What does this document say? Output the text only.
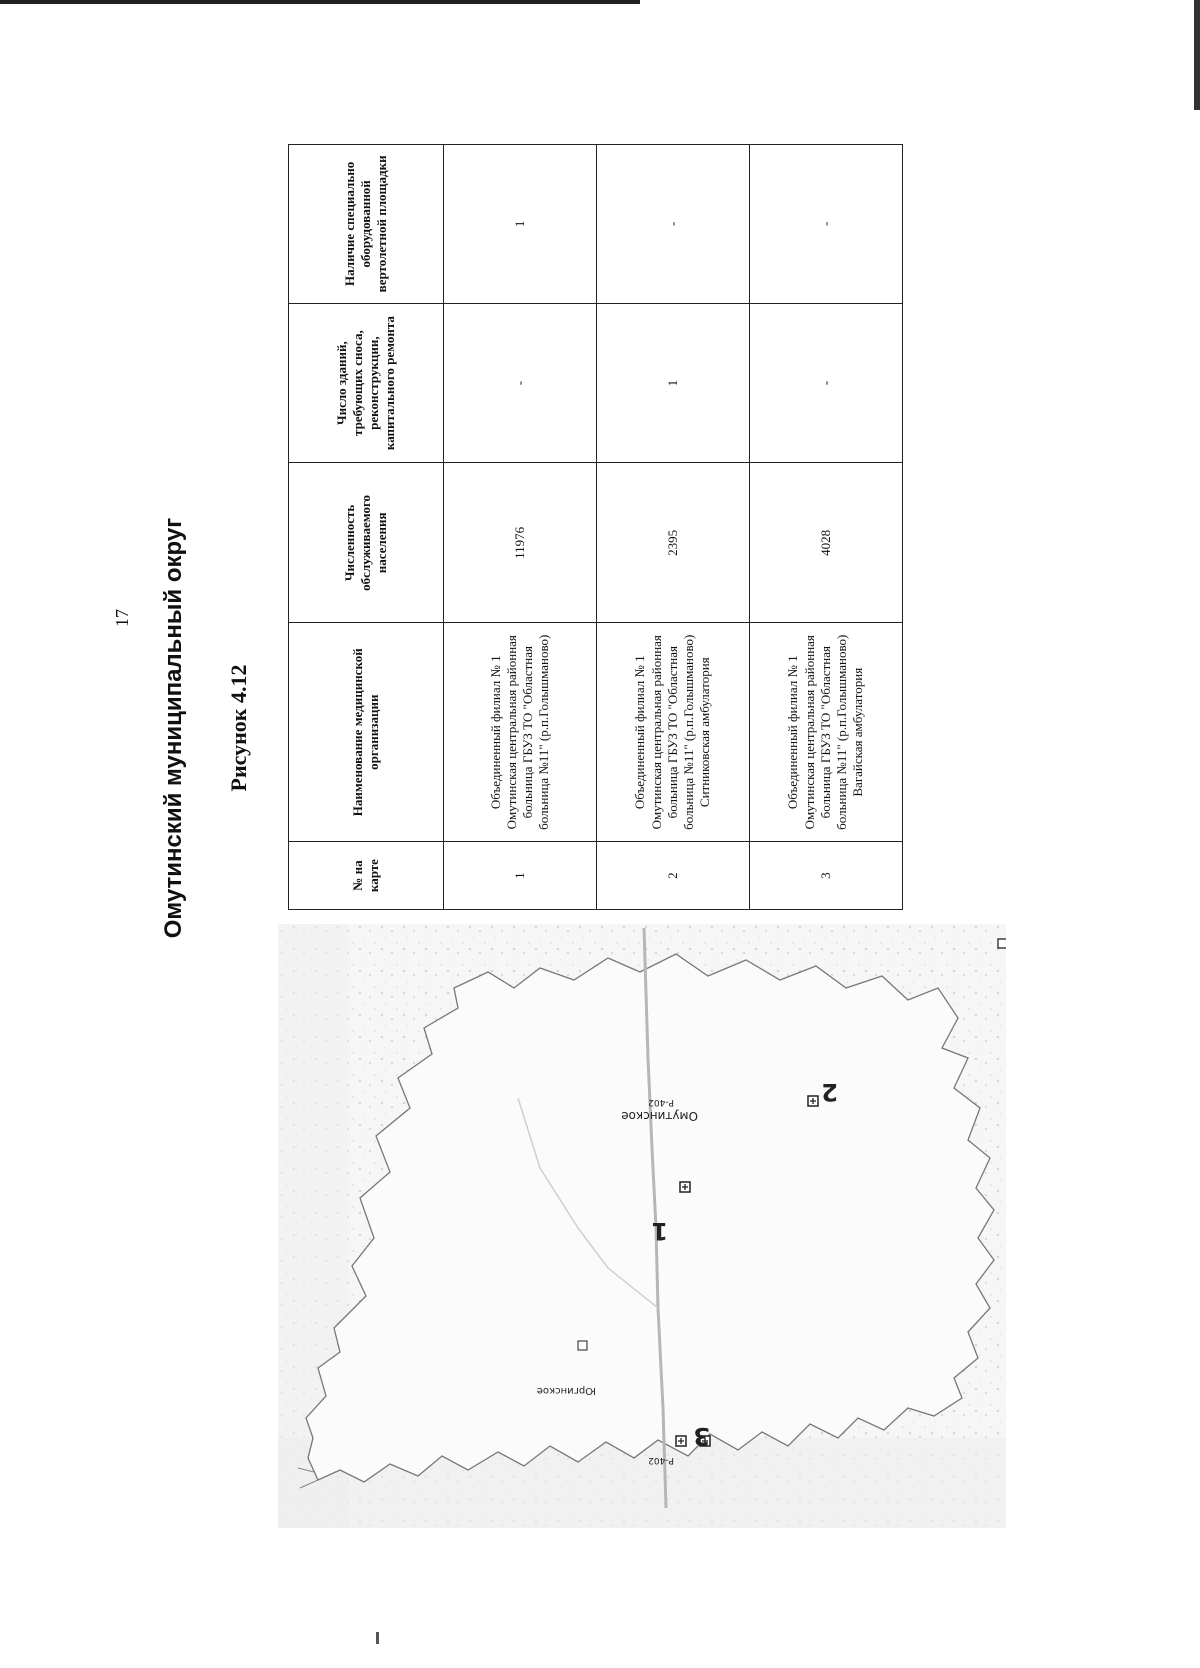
17 Омутинский муниципальный округ Рисунок 4.12
Р-402
Р-402
Юргинское
3
1
Омутинское
2
№ на карте	Наименование медицинской организации	Численность обслуживаемого населения	Число зданий, требующих сноса, реконструкции, капитального ремонта	Наличие специально оборудованной вертолетной площадки
1	Объединенный филиал № 1 Омутинская центральная районная больница ГБУЗ ТО "Областная больница №11" (р.п.Голышманово)	11976	-	1
2	Объединенный филиал № 1 Омутинская центральная районная больница ГБУЗ ТО "Областная больница №11" (р.п.Голышманово) Ситниковская амбулатория	2395	1	-
3	Объединенный филиал № 1 Омутинская центральная районная больница ГБУЗ ТО "Областная больница №11" (р.п.Голышманово) Вагайская амбулатория	4028	-	-
